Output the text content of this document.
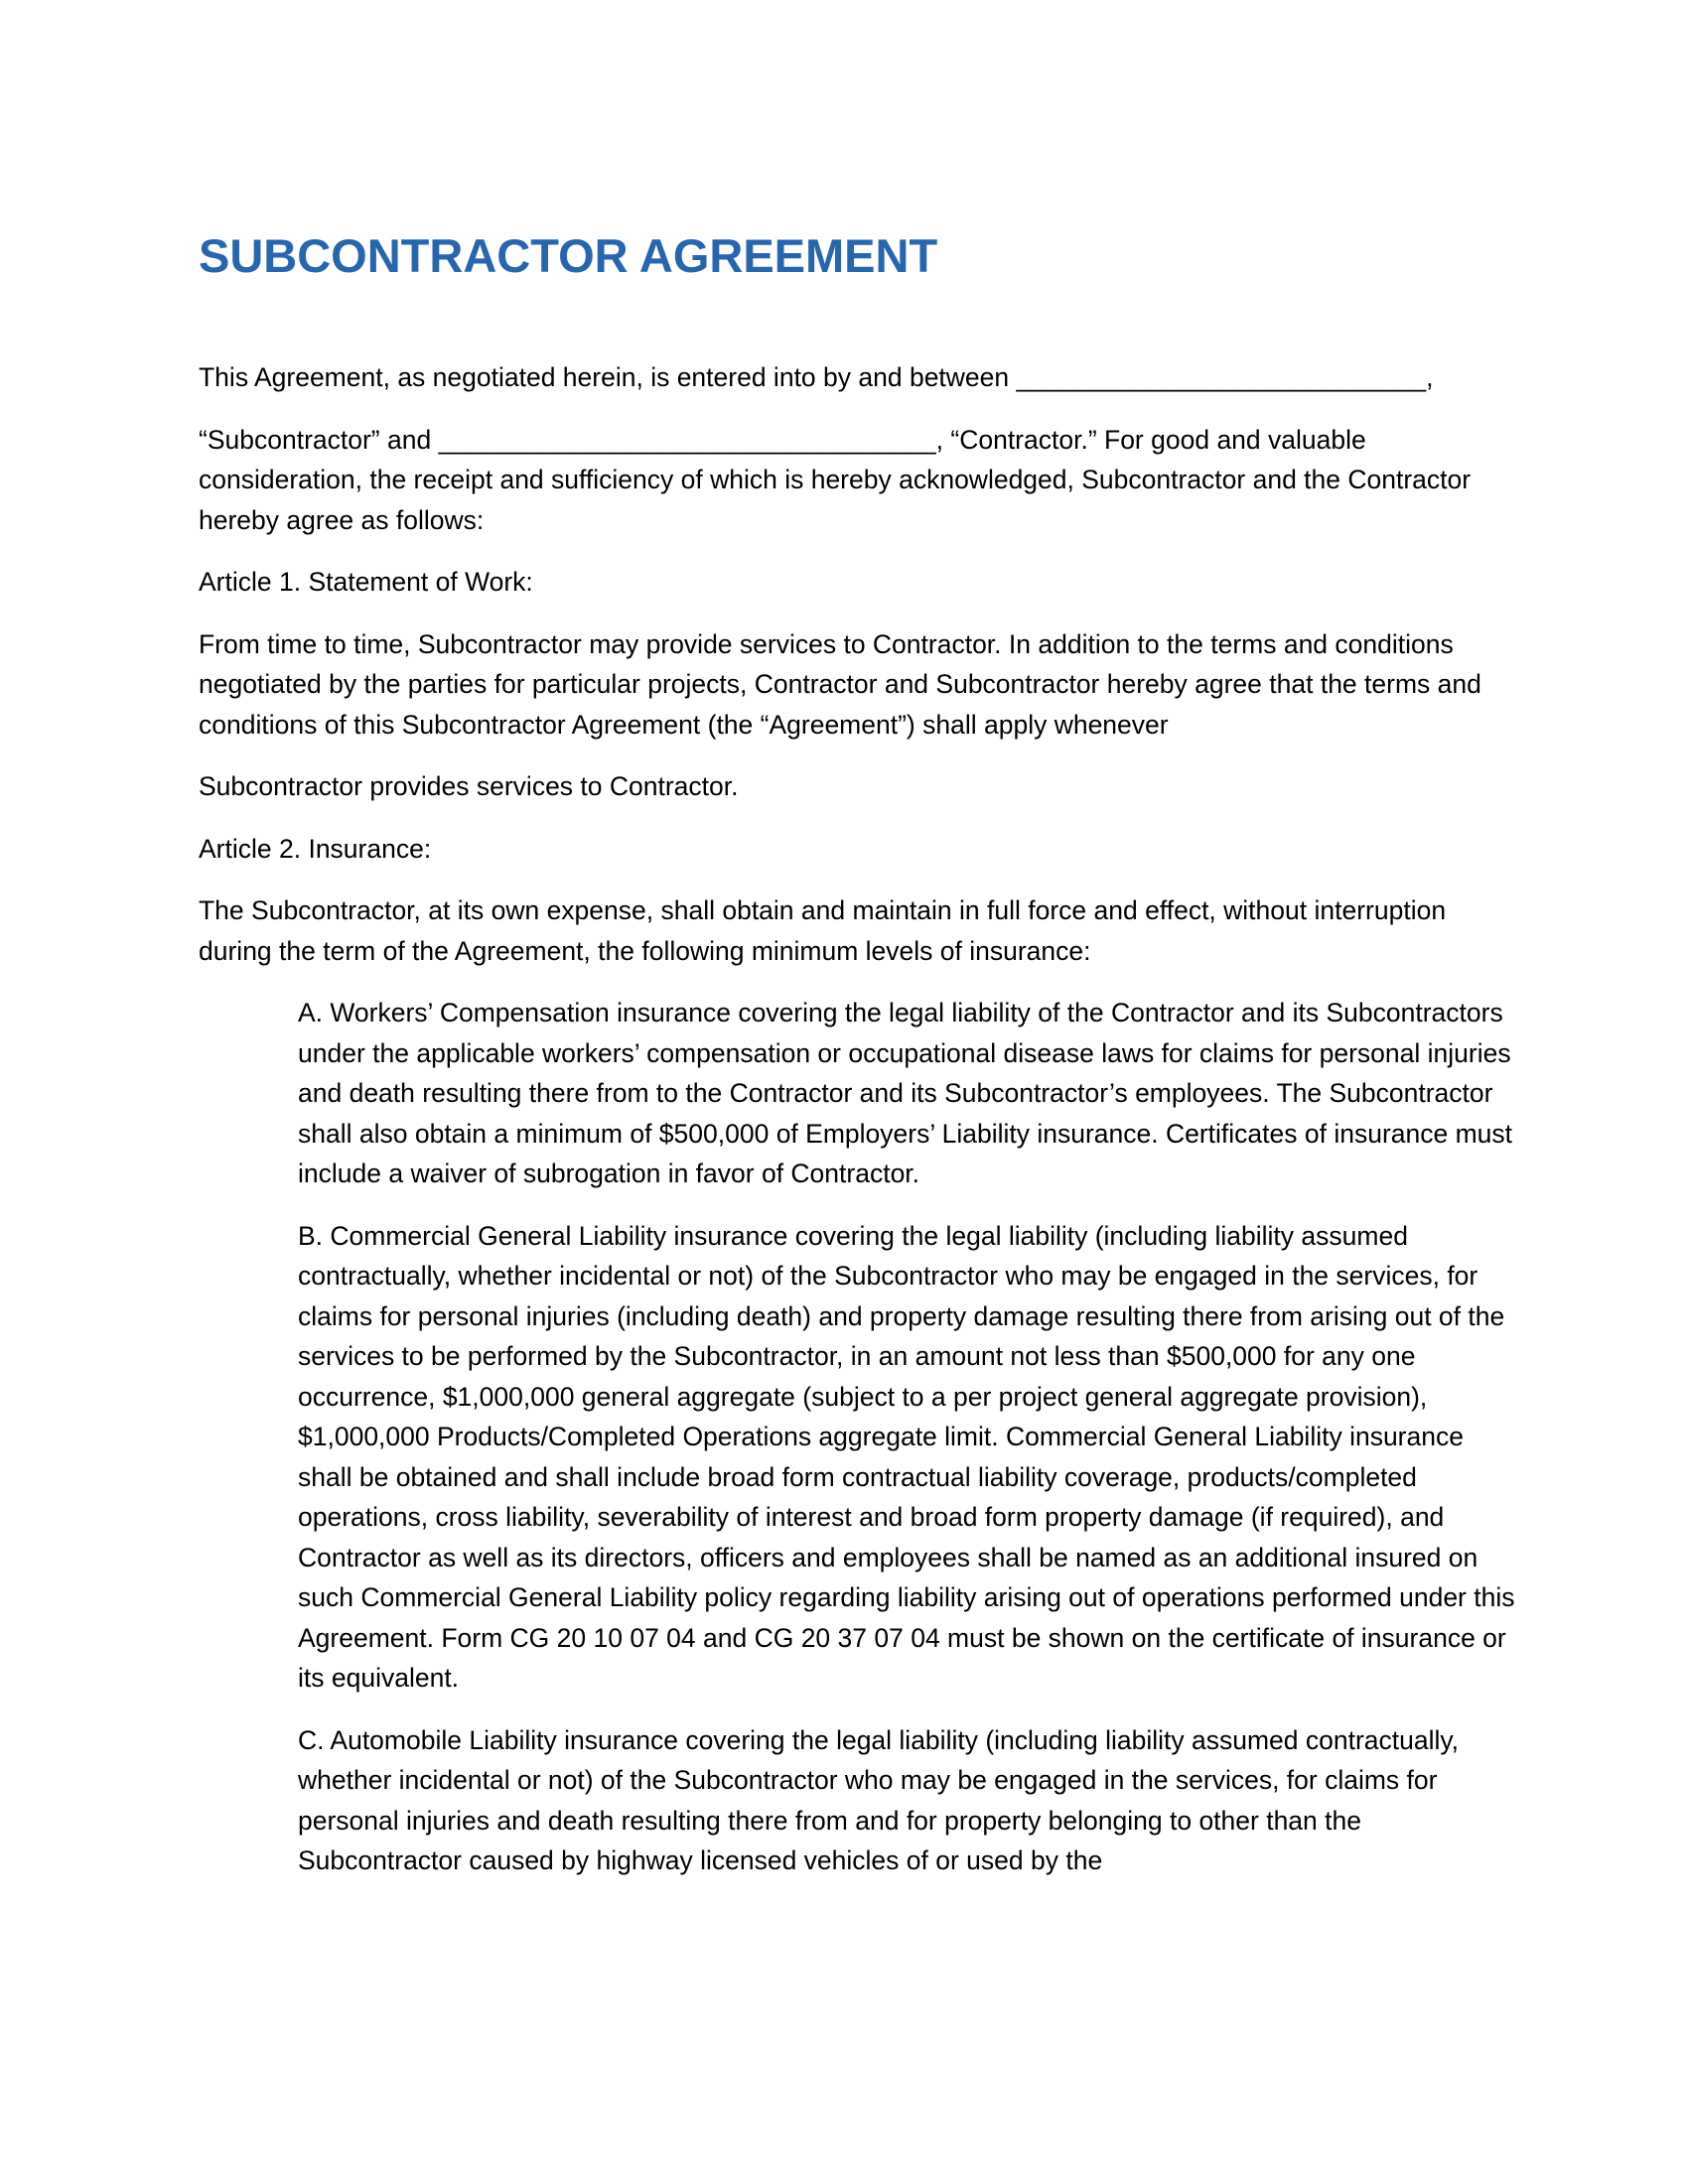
SUBCONTRACTOR AGREEMENT

This Agreement, as negotiated herein, is entered into by and between ____________________________,

“Subcontractor” and __________________________________, “Contractor.” For good and valuable consideration, the receipt and sufficiency of which is hereby acknowledged, Subcontractor and the Contractor hereby agree as follows:

Article 1. Statement of Work:

From time to time, Subcontractor may provide services to Contractor. In addition to the terms and conditions negotiated by the parties for particular projects, Contractor and Subcontractor hereby agree that the terms and conditions of this Subcontractor Agreement (the “Agreement”) shall apply whenever

Subcontractor provides services to Contractor.

Article 2. Insurance:

The Subcontractor, at its own expense, shall obtain and maintain in full force and effect, without interruption during the term of the Agreement, the following minimum levels of insurance:

A. Workers’ Compensation insurance covering the legal liability of the Contractor and its Subcontractors under the applicable workers’ compensation or occupational disease laws for claims for personal injuries and death resulting there from to the Contractor and its Subcontractor’s employees. The Subcontractor shall also obtain a minimum of $500,000 of Employers’ Liability insurance. Certificates of insurance must include a waiver of subrogation in favor of Contractor.

B. Commercial General Liability insurance covering the legal liability (including liability assumed contractually, whether incidental or not) of the Subcontractor who may be engaged in the services, for claims for personal injuries (including death) and property damage resulting there from arising out of the services to be performed by the Subcontractor, in an amount not less than $500,000 for any one occurrence, $1,000,000 general aggregate (subject to a per project general aggregate provision), $1,000,000 Products/Completed Operations aggregate limit. Commercial General Liability insurance shall be obtained and shall include broad form contractual liability coverage, products/completed operations, cross liability, severability of interest and broad form property damage (if required), and Contractor as well as its directors, officers and employees shall be named as an additional insured on such Commercial General Liability policy regarding liability arising out of operations performed under this Agreement. Form CG 20 10 07 04 and CG 20 37 07 04 must be shown on the certificate of insurance or its equivalent.

C. Automobile Liability insurance covering the legal liability (including liability assumed contractually, whether incidental or not) of the Subcontractor who may be engaged in the services, for claims for personal injuries and death resulting there from and for property belonging to other than the Subcontractor caused by highway licensed vehicles of or used by the
